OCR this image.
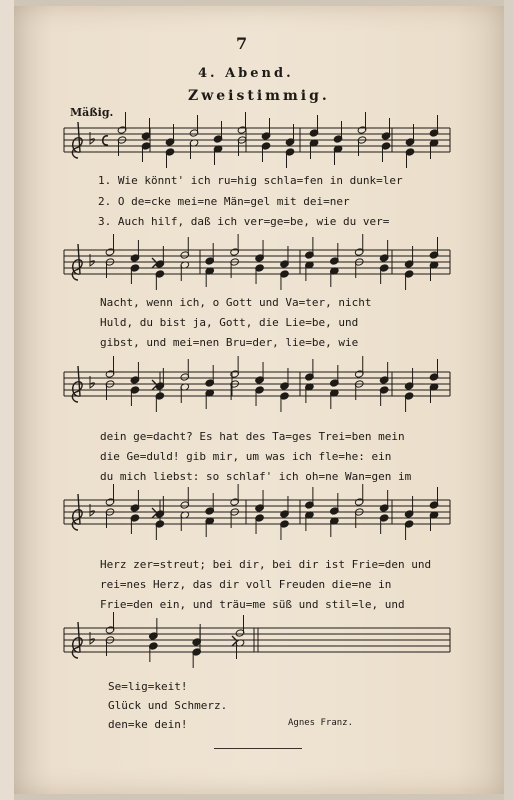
7
4. Abend.
Zweistimmig.
Mäßig.
1. Wie könnt' ich ru=hig schla=fen in dunk=ler
2. O de=cke mei=ne Män=gel mit dei=ner
3. Auch hilf, daß ich ver=ge=be, wie du ver=
Nacht, wenn ich, o Gott und Va=ter, nicht
Huld, du bist ja, Gott, die Lie=be, und
gibst, und mei=nen Bru=der, lie=be, wie
dein ge=dacht? Es hat des Ta=ges Trei=ben mein
die Ge=duld! gib mir, um was ich fle=he: ein
du mich liebst: so schlaf' ich oh=ne Wan=gen im
Herz zer=streut; bei dir, bei dir ist Frie=den und
rei=nes Herz, das dir voll Freuden die=ne in
Frie=den ein, und träu=me süß und stil=le, und
Se=lig=keit!
Glück und Schmerz.
den=ke dein!	Agnes Franz.
